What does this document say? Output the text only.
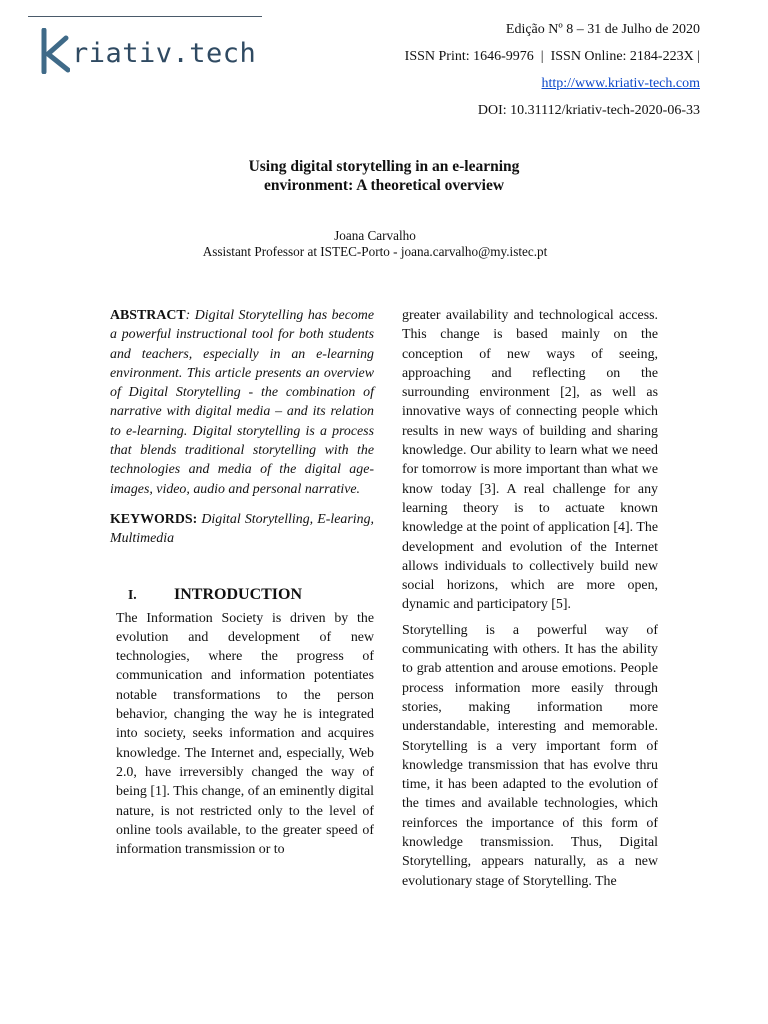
riativ.tech
Edição Nº 8 – 31 de Julho de 2020
ISSN Print: 1646-9976  |  ISSN Online: 2184-223X |
http://www.kriativ-tech.com
DOI: 10.31112/kriativ-tech-2020-06-33
Using digital storytelling in an e-learning
environment: A theoretical overview
Joana Carvalho
Assistant Professor at ISTEC-Porto - joana.carvalho@my.istec.pt

ABSTRACT: Digital Storytelling has become a powerful instructional tool for both students and teachers, especially in an e-learning environment. This article presents an overview of Digital Storytelling - the combination of narrative with digital media – and its relation to e-learning. Digital storytelling is a process that blends traditional storytelling with the technologies and media of the digital age- images, video, audio and personal narrative.

KEYWORDS: Digital Storytelling, E-learing, Multimedia

I.	INTRODUCTION

The Information Society is driven by the evolution and development of new technologies, where the progress of communication and information potentiates notable transformations to the person behavior, changing the way he is integrated into society, seeks information and acquires knowledge. The Internet and, especially, Web 2.0, have irreversibly changed the way of being [1]. This change, of an eminently digital nature, is not restricted only to the level of online tools available, to the greater speed of information transmission or to

greater availability and technological access. This change is based mainly on the conception of new ways of seeing, approaching and reflecting on the surrounding environment [2], as well as innovative ways of connecting people which results in new ways of building and sharing knowledge. Our ability to learn what we need for tomorrow is more important than what we know today [3]. A real challenge for any learning theory is to actuate known knowledge at the point of application [4]. The development and evolution of the Internet allows individuals to collectively build new social horizons, which are more open, dynamic and participatory [5].

Storytelling is a powerful way of communicating with others. It has the ability to grab attention and arouse emotions. People process information more easily through stories, making information more understandable, interesting and memorable. Storytelling is a very important form of knowledge transmission that has evolve thru time, it has been adapted to the evolution of the times and available technologies, which reinforces the importance of this form of knowledge transmission. Thus, Digital Storytelling, appears naturally, as a new evolutionary stage of Storytelling. The
